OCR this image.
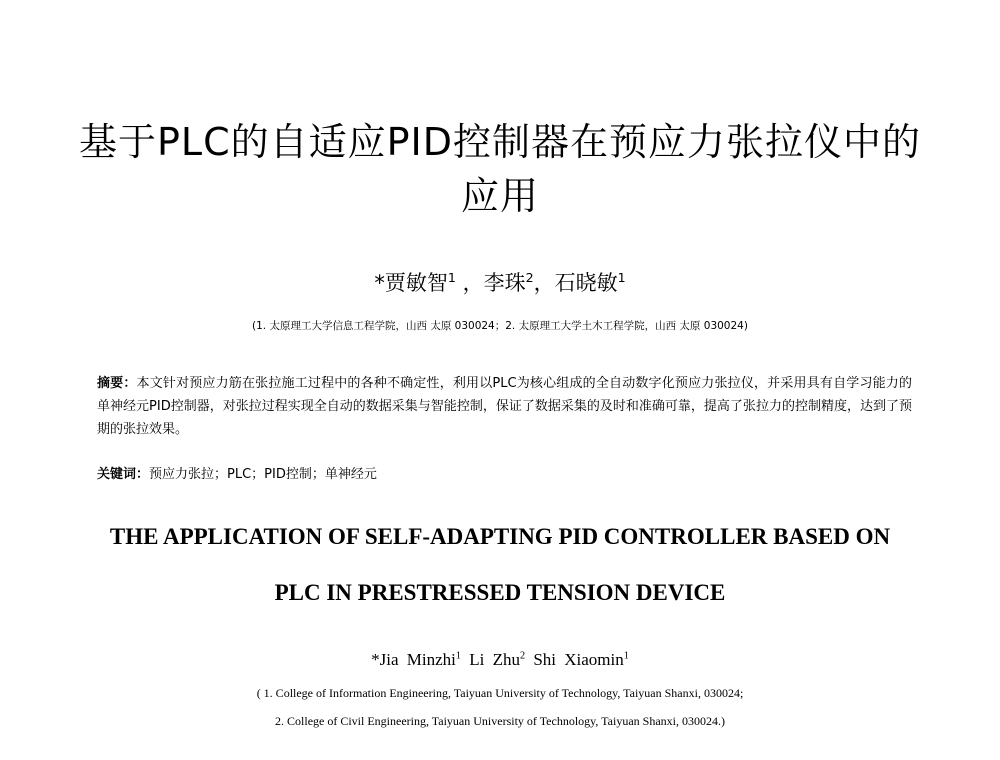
基于PLC的自适应PID控制器在预应力张拉仪中的
应用
*贾敏智$^1$ ，李珠$^2$，石晓敏$^1$
(1. 太原理工大学信息工程学院，山西 太原 030024；2. 太原理工大学土木工程学院，山西 太原 030024)
摘要：本文针对预应力筋在张拉施工过程中的各种不确定性，利用以PLC为核心组成的全自动数字化预应力张拉仪，并采用具有自学习能力的单神经元PID控制器，对张拉过程实现全自动的数据采集与智能控制，保证了数据采集的及时和准确可靠，提高了张拉力的控制精度，达到了预期的张拉效果。
关键词：预应力张拉；PLC；PID控制；单神经元
THE APPLICATION OF SELF-ADAPTING PID CONTROLLER BASED ON
PLC IN PRESTRESSED TENSION DEVICE
*Jia Minzhi$^1$ Li Zhu$^2$ Shi Xiaomin$^1$
( 1. College of Information Engineering, Taiyuan University of Technology, Taiyuan Shanxi, 030024;
2. College of Civil Engineering, Taiyuan University of Technology, Taiyuan Shanxi, 030024.)
